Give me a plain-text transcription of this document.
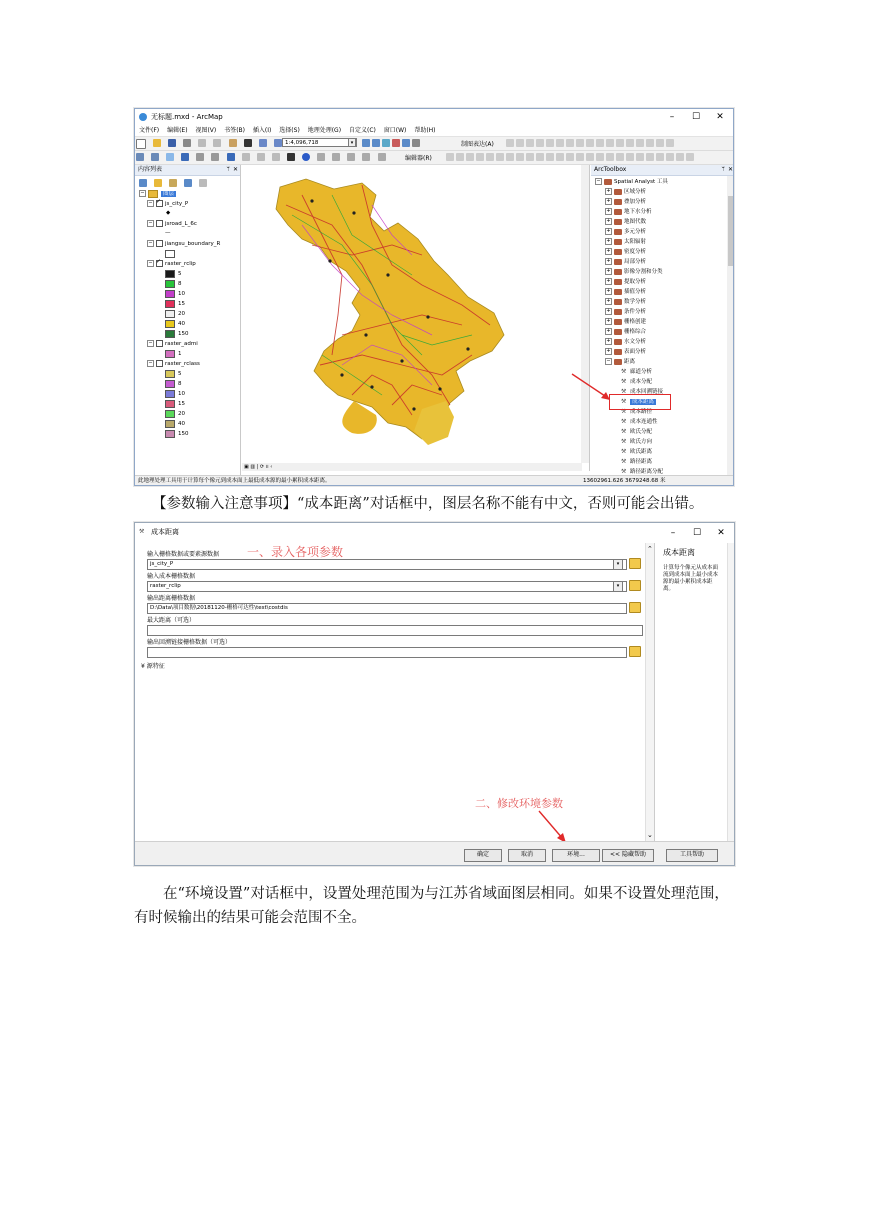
无标题.mxd - ArcMap	–	☐	✕
文件(F) 编辑(E) 视图(V) 书签(B) 插入(I) 选择(S) 地理处理(G) 自定义(C) 窗口(W) 帮助(H)

1:4,096,718	▾	制图表达(A)

编辑器(R)
内容列表	ᛘ ✕

−	图层
− ✓ js_city_P
◆
− jsroad_L_6c
—
− jiangsu_boundary_R
− ✓ raster_rclip
5
8
10
15
20
40
150
− raster_admi
1
− raster_rclass
5
8
10
15
20
40
150
▣ ▥ | ⟳ ॥ ‹
ArcToolbox	ᛘ ✕
− Spatial Analyst 工具
+ 区域分析
+ 叠加分析
+ 地下水分析
+ 地图代数
+ 多元分析
+ 太阳辐射
+ 密度分析
+ 局部分析
+ 影像分割和分类
+ 提取分析
+ 插值分析
+ 数学分析
+ 条件分析
+ 栅格创建
+ 栅格综合
+ 水文分析
+ 表面分析
− 距离
⚒ 廊道分析
⚒ 成本分配
⚒ 成本回溯链接
⚒ 成本距离
⚒ 成本路径
⚒ 成本连通性
⚒ 欧氏分配
⚒ 欧氏方向
⚒ 欧氏距离
⚒ 路径距离
⚒ 路径距离分配
此地理处理工具用于计算每个像元到成本面上最低成本源的最小累积成本距离。	13602961.626 3679248.68 米
【参数输入注意事项】“成本距离”对话框中，图层名称不能有中文，否则可能会出错。
⚒ 成本距离	–	☐	✕
输入栅格数据或要素源数据
js_city_P	▾
输入成本栅格数据
raster_rclip	▾
输出距离栅格数据
D:\Data\项目数据\20181120-栅格可达性\test\costdis
最大距离（可选）
输出回溯链接栅格数据（可选）
¥ 源特征
一、录入各项参数
二、修改环境参数
⌃
⌄
成本距离
计算每个像元从成本面流到成本面上最小成本源的最小累积成本距离。
确定	取消	环境...	<< 隐藏帮助	工具帮助
在“环境设置”对话框中，设置处理范围为与江苏省域面图层相同。如果不设置处理范围，有时候输出的结果可能会范围不全。
